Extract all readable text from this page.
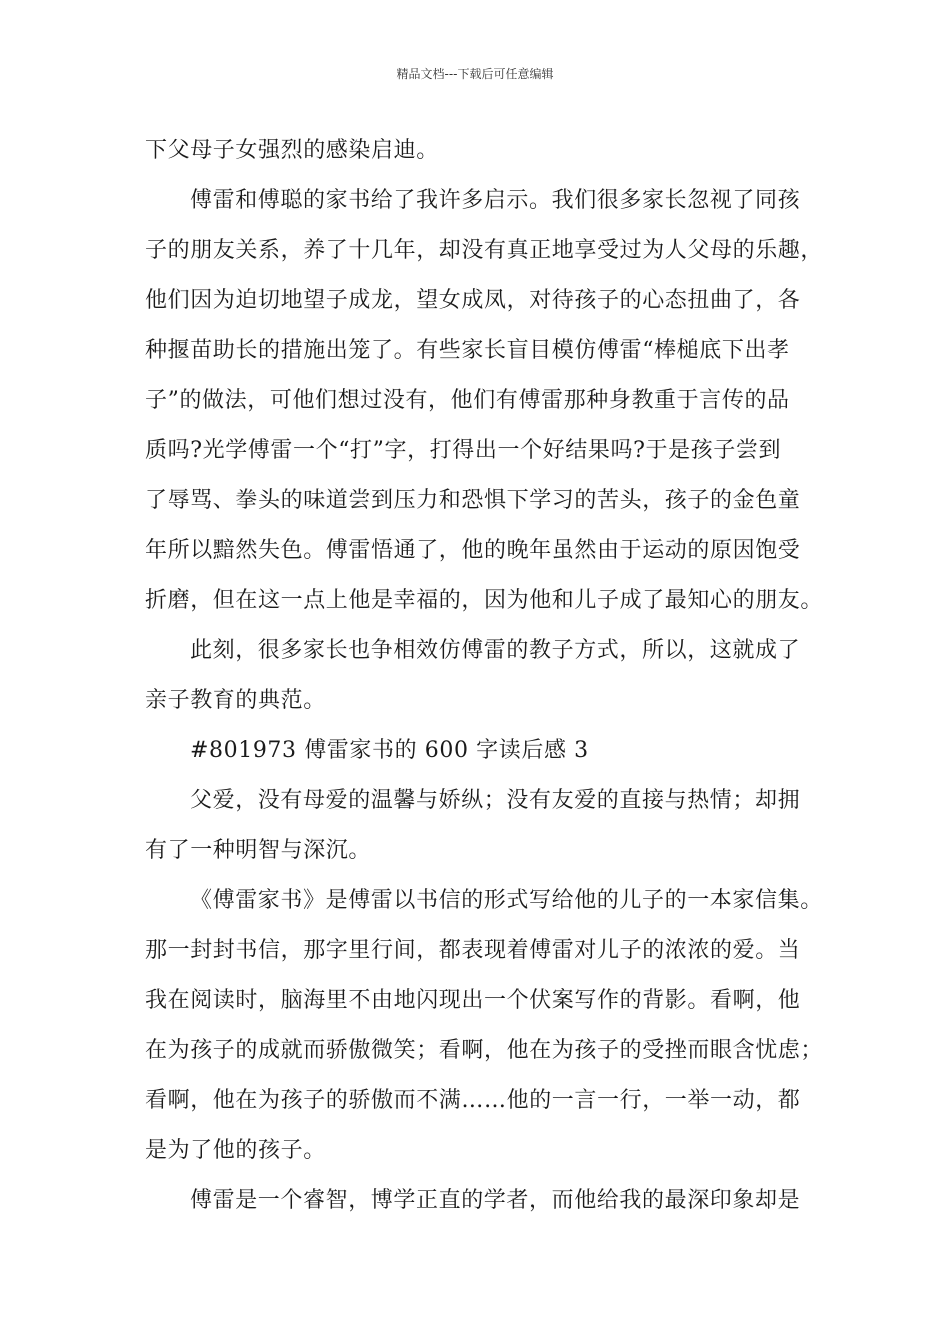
精品文档---下载后可任意编辑
下父母子女强烈的感染启迪。
傅雷和傅聪的家书给了我许多启示。我们很多家长忽视了同孩
子的朋友关系，养了十几年，却没有真正地享受过为人父母的乐趣，
他们因为迫切地望子成龙，望女成凤，对待孩子的心态扭曲了，各
种揠苗助长的措施出笼了。有些家长盲目模仿傅雷“棒槌底下出孝
子”的做法，可他们想过没有，他们有傅雷那种身教重于言传的品
质吗?光学傅雷一个“打”字，打得出一个好结果吗?于是孩子尝到
了辱骂、拳头的味道尝到压力和恐惧下学习的苦头，孩子的金色童
年所以黯然失色。傅雷悟通了，他的晚年虽然由于运动的原因饱受
折磨，但在这一点上他是幸福的，因为他和儿子成了最知心的朋友。
此刻，很多家长也争相效仿傅雷的教子方式，所以，这就成了
亲子教育的典范。
#801973 傅雷家书的 600 字读后感 3
父爱，没有母爱的温馨与娇纵；没有友爱的直接与热情；却拥
有了一种明智与深沉。
《傅雷家书》是傅雷以书信的形式写给他的儿子的一本家信集。
那一封封书信，那字里行间，都表现着傅雷对儿子的浓浓的爱。当
我在阅读时，脑海里不由地闪现出一个伏案写作的背影。看啊，他
在为孩子的成就而骄傲微笑；看啊，他在为孩子的受挫而眼含忧虑；
看啊，他在为孩子的骄傲而不满……他的一言一行，一举一动，都
是为了他的孩子。
傅雷是一个睿智，博学正直的学者，而他给我的最深印象却是
